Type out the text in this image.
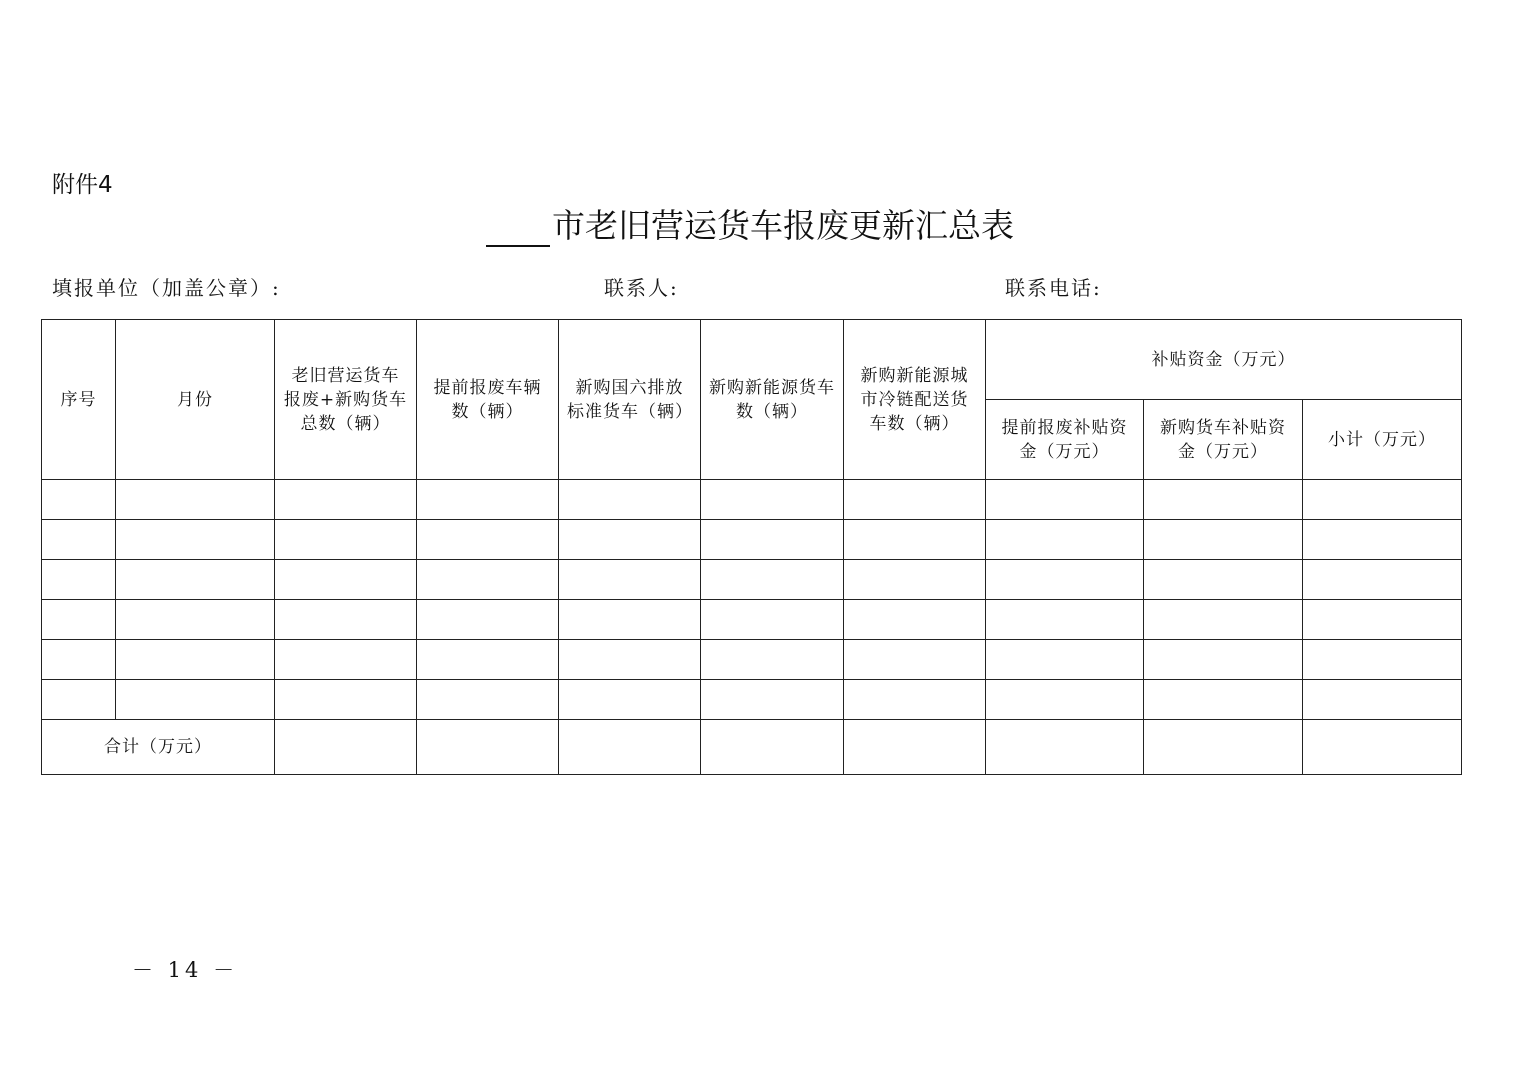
附件4
市老旧营运货车报废更新汇总表
填报单位（加盖公章）:	联系人:	联系电话:
序号	月份	老旧营运货车报废+新购货车总数（辆）	提前报废车辆数（辆）	新购国六排放标准货车（辆）	新购新能源货车数（辆）	新购新能源城市冷链配送货车数（辆）	补贴资金（万元）		
							提前报废补贴资金（万元）	新购货车补贴资金（万元）	小计（万元）

合计（万元）									
－ 14 －
